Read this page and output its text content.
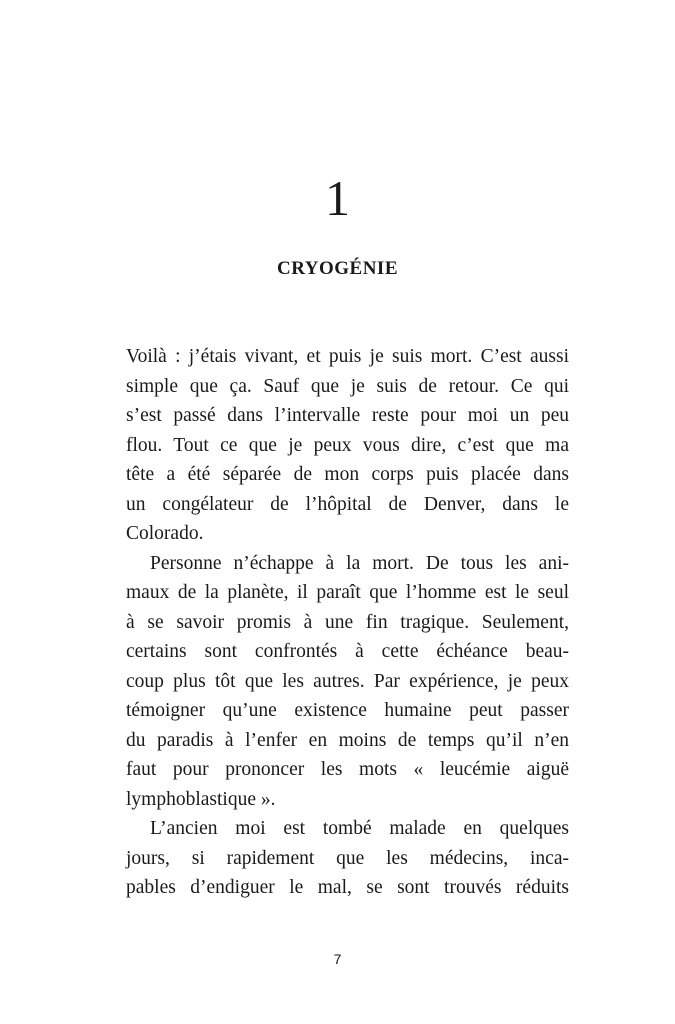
1
CRYOGÉNIE
Voilà : j’étais vivant, et puis je suis mort. C’est aussi
simple que ça. Sauf que je suis de retour. Ce qui
s’est passé dans l’intervalle reste pour moi un peu
flou. Tout ce que je peux vous dire, c’est que ma
tête a été séparée de mon corps puis placée dans
un congélateur de l’hôpital de Denver, dans le
Colorado.
Personne n’échappe à la mort. De tous les ani-
maux de la planète, il paraît que l’homme est le seul
à se savoir promis à une fin tragique. Seulement,
certains sont confrontés à cette échéance beau-
coup plus tôt que les autres. Par expérience, je peux
témoigner qu’une existence humaine peut passer
du paradis à l’enfer en moins de temps qu’il n’en
faut pour prononcer les mots « leucémie aiguë
lymphoblastique ».
L’ancien moi est tombé malade en quelques
jours, si rapidement que les médecins, inca-
pables d’endiguer le mal, se sont trouvés réduits
7
